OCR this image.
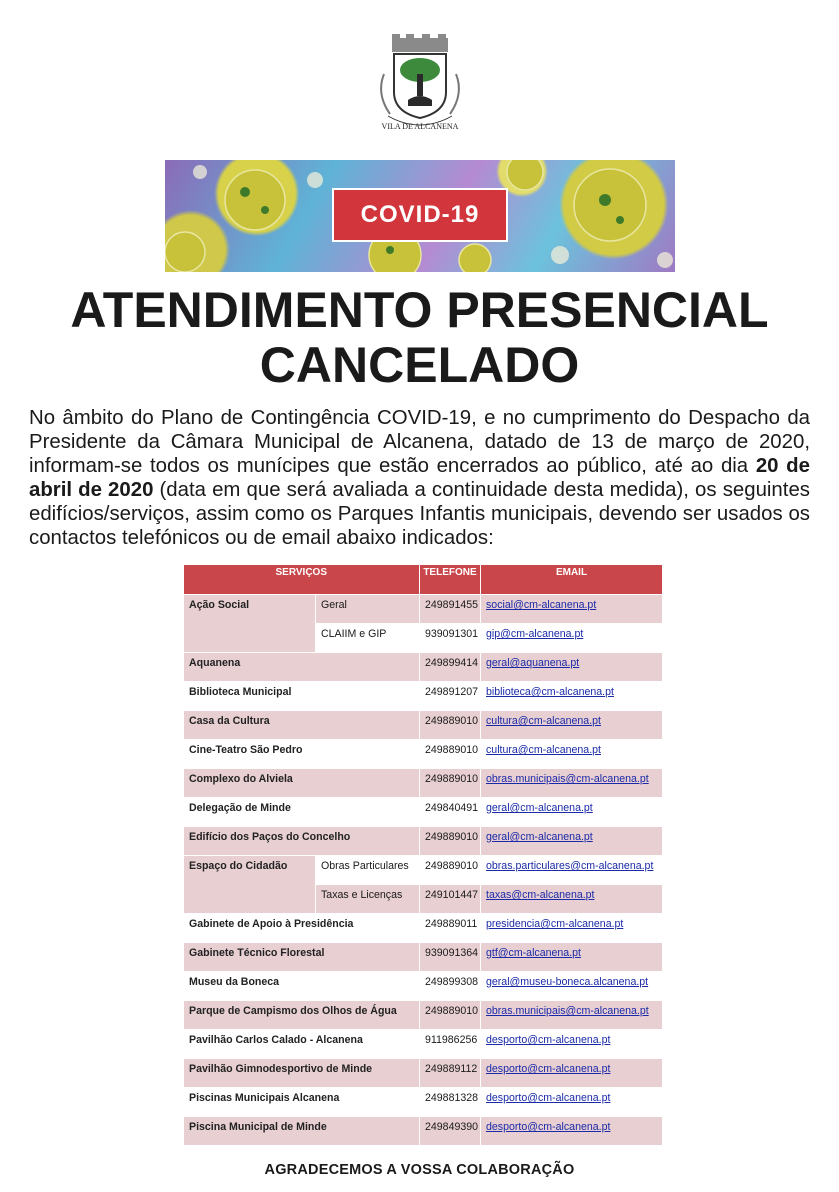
VILA DE ALCANENA
COVID-19
ATENDIMENTO PRESENCIAL
CANCELADO
No âmbito do Plano de Contingência COVID-19, e no cumprimento do Despacho da Presidente da Câmara Municipal de Alcanena, datado de 13 de março de 2020, informam-se todos os munícipes que estão encerrados ao público, até ao dia 20 de abril de 2020 (data em que será avaliada a continuidade desta medida), os seguintes edifícios/serviços, assim como os Parques Infantis municipais, devendo ser usados os contactos telefónicos ou de email abaixo indicados:
SERVIÇOS		TELEFONE	EMAIL
Ação Social	Geral	249891455	social@cm-alcanena.pt
	CLAIIM e GIP	939091301	gip@cm-alcanena.pt
Aquanena		249899414	geral@aquanena.pt
Biblioteca Municipal		249891207	biblioteca@cm-alcanena.pt
Casa da Cultura		249889010	cultura@cm-alcanena.pt
Cine-Teatro São Pedro		249889010	cultura@cm-alcanena.pt
Complexo do Alviela		249889010	obras.municipais@cm-alcanena.pt
Delegação de Minde		249840491	geral@cm-alcanena.pt
Edifício dos Paços do Concelho		249889010	geral@cm-alcanena.pt
Espaço do Cidadão	Obras Particulares	249889010	obras.particulares@cm-alcanena.pt
	Taxas e Licenças	249101447	taxas@cm-alcanena.pt
Gabinete de Apoio à Presidência		249889011	presidencia@cm-alcanena.pt
Gabinete Técnico Florestal		939091364	gtf@cm-alcanena.pt
Museu da Boneca		249899308	geral@museu-boneca.alcanena.pt
Parque de Campismo dos Olhos de Água		249889010	obras.municipais@cm-alcanena.pt
Pavilhão Carlos Calado - Alcanena		911986256	desporto@cm-alcanena.pt
Pavilhão Gimnodesportivo de Minde		249889112	desporto@cm-alcanena.pt
Piscinas Municipais Alcanena		249881328	desporto@cm-alcanena.pt
Piscina Municipal de Minde		249849390	desporto@cm-alcanena.pt
AGRADECEMOS A VOSSA COLABORAÇÃO
